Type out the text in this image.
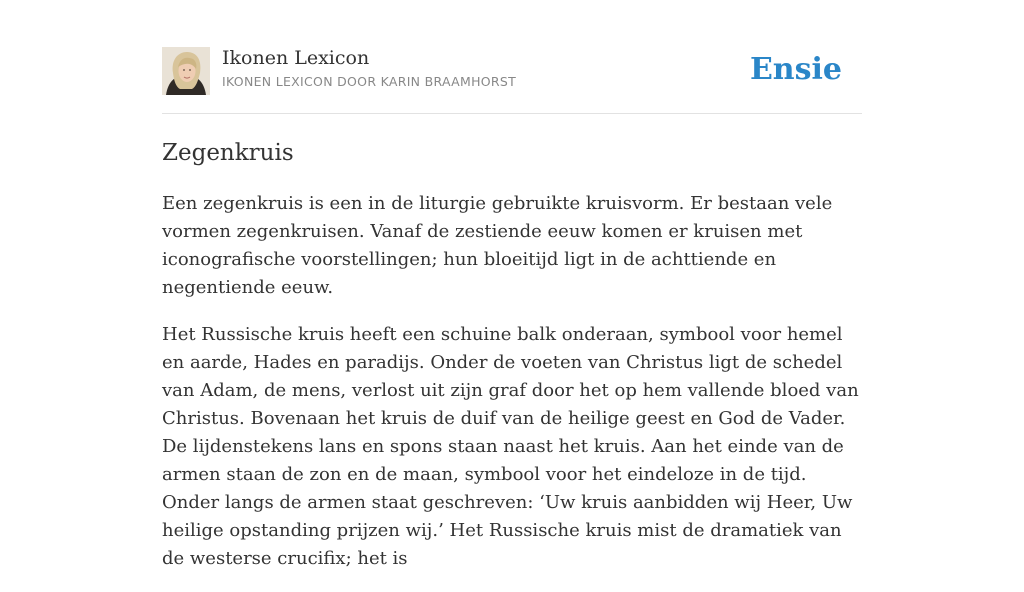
Ikonen Lexicon
IKONEN LEXICON DOOR KARIN BRAAMHORST	Ensie
Zegenkruis

Een zegenkruis is een in de liturgie gebruikte kruisvorm. Er bestaan vele vormen zegenkruisen. Vanaf de zestiende eeuw komen er kruisen met iconografische voorstellingen; hun bloeitijd ligt in de achttiende en negentiende eeuw.

Het Russische kruis heeft een schuine balk onderaan, symbool voor hemel en aarde, Hades en paradijs. Onder de voeten van Christus ligt de schedel van Adam, de mens, verlost uit zijn graf door het op hem vallende bloed van Christus. Bovenaan het kruis de duif van de heilige geest en God de Vader. De lijdenstekens lans en spons staan naast het kruis. Aan het einde van de armen staan de zon en de maan, symbool voor het eindeloze in de tijd. Onder langs de armen staat geschreven: ‘Uw kruis aanbidden wij Heer, Uw heilige opstanding prijzen wij.’ Het Russische kruis mist de dramatiek van de westerse crucifix; het is
